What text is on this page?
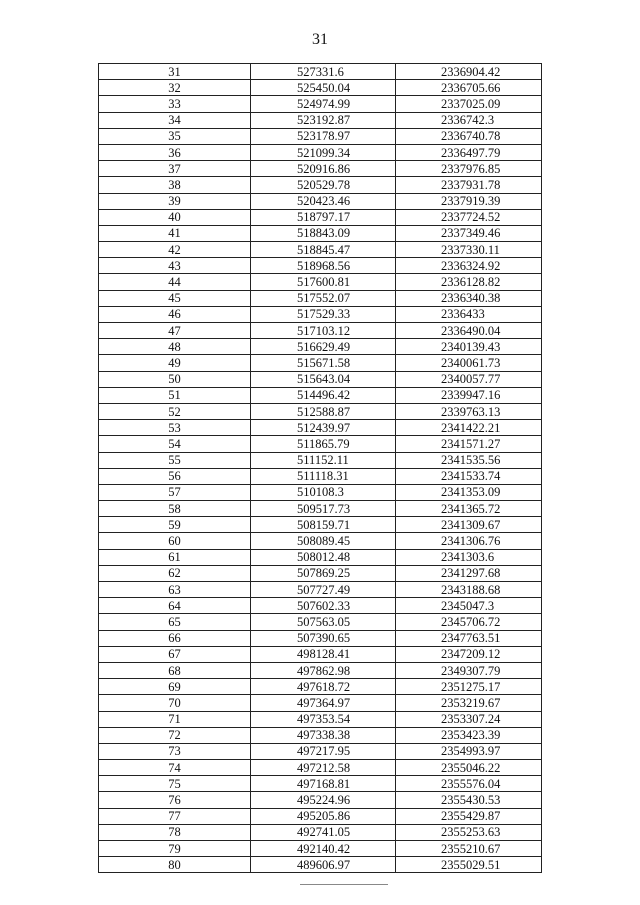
31
31	527331.6	2336904.42
32	525450.04	2336705.66
33	524974.99	2337025.09
34	523192.87	2336742.3
35	523178.97	2336740.78
36	521099.34	2336497.79
37	520916.86	2337976.85
38	520529.78	2337931.78
39	520423.46	2337919.39
40	518797.17	2337724.52
41	518843.09	2337349.46
42	518845.47	2337330.11
43	518968.56	2336324.92
44	517600.81	2336128.82
45	517552.07	2336340.38
46	517529.33	2336433
47	517103.12	2336490.04
48	516629.49	2340139.43
49	515671.58	2340061.73
50	515643.04	2340057.77
51	514496.42	2339947.16
52	512588.87	2339763.13
53	512439.97	2341422.21
54	511865.79	2341571.27
55	511152.11	2341535.56
56	511118.31	2341533.74
57	510108.3	2341353.09
58	509517.73	2341365.72
59	508159.71	2341309.67
60	508089.45	2341306.76
61	508012.48	2341303.6
62	507869.25	2341297.68
63	507727.49	2343188.68
64	507602.33	2345047.3
65	507563.05	2345706.72
66	507390.65	2347763.51
67	498128.41	2347209.12
68	497862.98	2349307.79
69	497618.72	2351275.17
70	497364.97	2353219.67
71	497353.54	2353307.24
72	497338.38	2353423.39
73	497217.95	2354993.97
74	497212.58	2355046.22
75	497168.81	2355576.04
76	495224.96	2355430.53
77	495205.86	2355429.87
78	492741.05	2355253.63
79	492140.42	2355210.67
80	489606.97	2355029.51
